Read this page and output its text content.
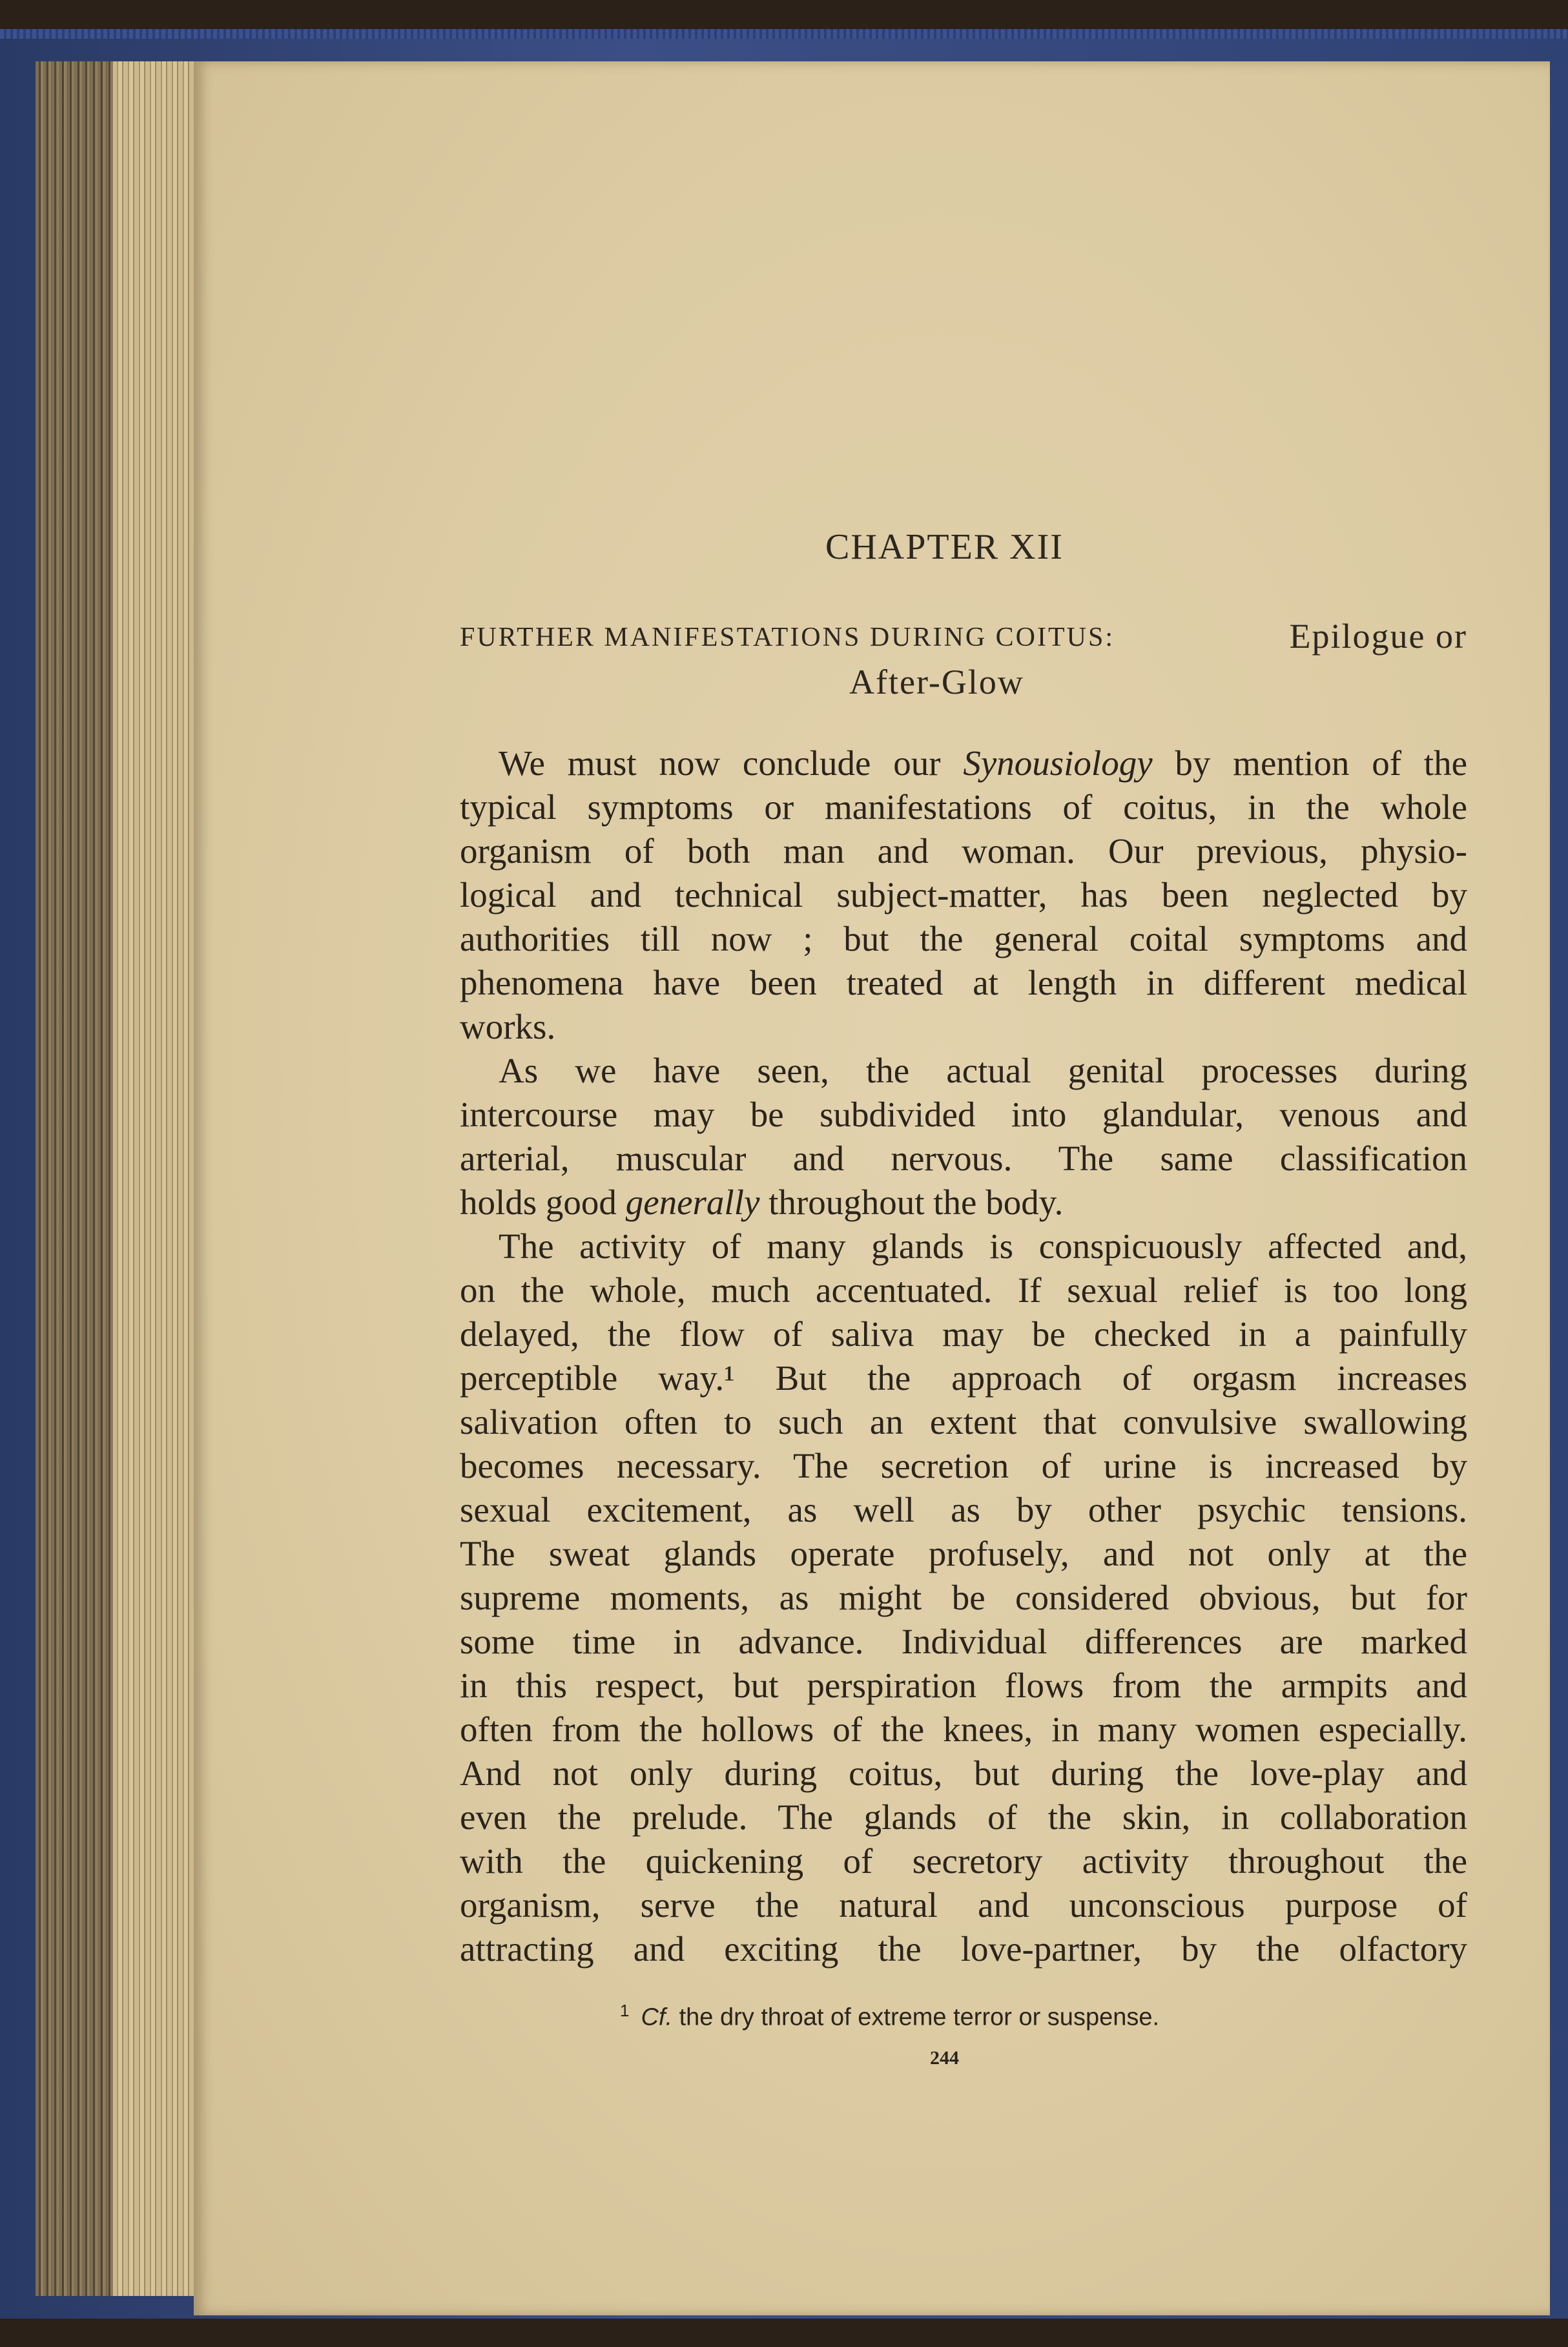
CHAPTER XII
FURTHER MANIFESTATIONS DURING COITUS:	Epilogue or
After-Glow
We must now conclude our Synousiology by mention of the
typical symptoms or manifestations of coitus, in the whole
organism of both man and woman. Our previous, physio-
logical and technical subject-matter, has been neglected by
authorities till now ; but the general coital symptoms and
phenomena have been treated at length in different medical
works.
As we have seen, the actual genital processes during
intercourse may be subdivided into glandular, venous and
arterial, muscular and nervous. The same classification
holds good generally throughout the body.
The activity of many glands is conspicuously affected and,
on the whole, much accentuated. If sexual relief is too long
delayed, the flow of saliva may be checked in a painfully
perceptible way.¹ But the approach of orgasm increases
salivation often to such an extent that convulsive swallowing
becomes necessary. The secretion of urine is increased by
sexual excitement, as well as by other psychic tensions.
The sweat glands operate profusely, and not only at the
supreme moments, as might be considered obvious, but for
some time in advance. Individual differences are marked
in this respect, but perspiration flows from the armpits and
often from the hollows of the knees, in many women especially.
And not only during coitus, but during the love-play and
even the prelude. The glands of the skin, in collaboration
with the quickening of secretory activity throughout the
organism, serve the natural and unconscious purpose of
attracting and exciting the love-partner, by the olfactory
$^1$ Cf. the dry throat of extreme terror or suspense.
244
